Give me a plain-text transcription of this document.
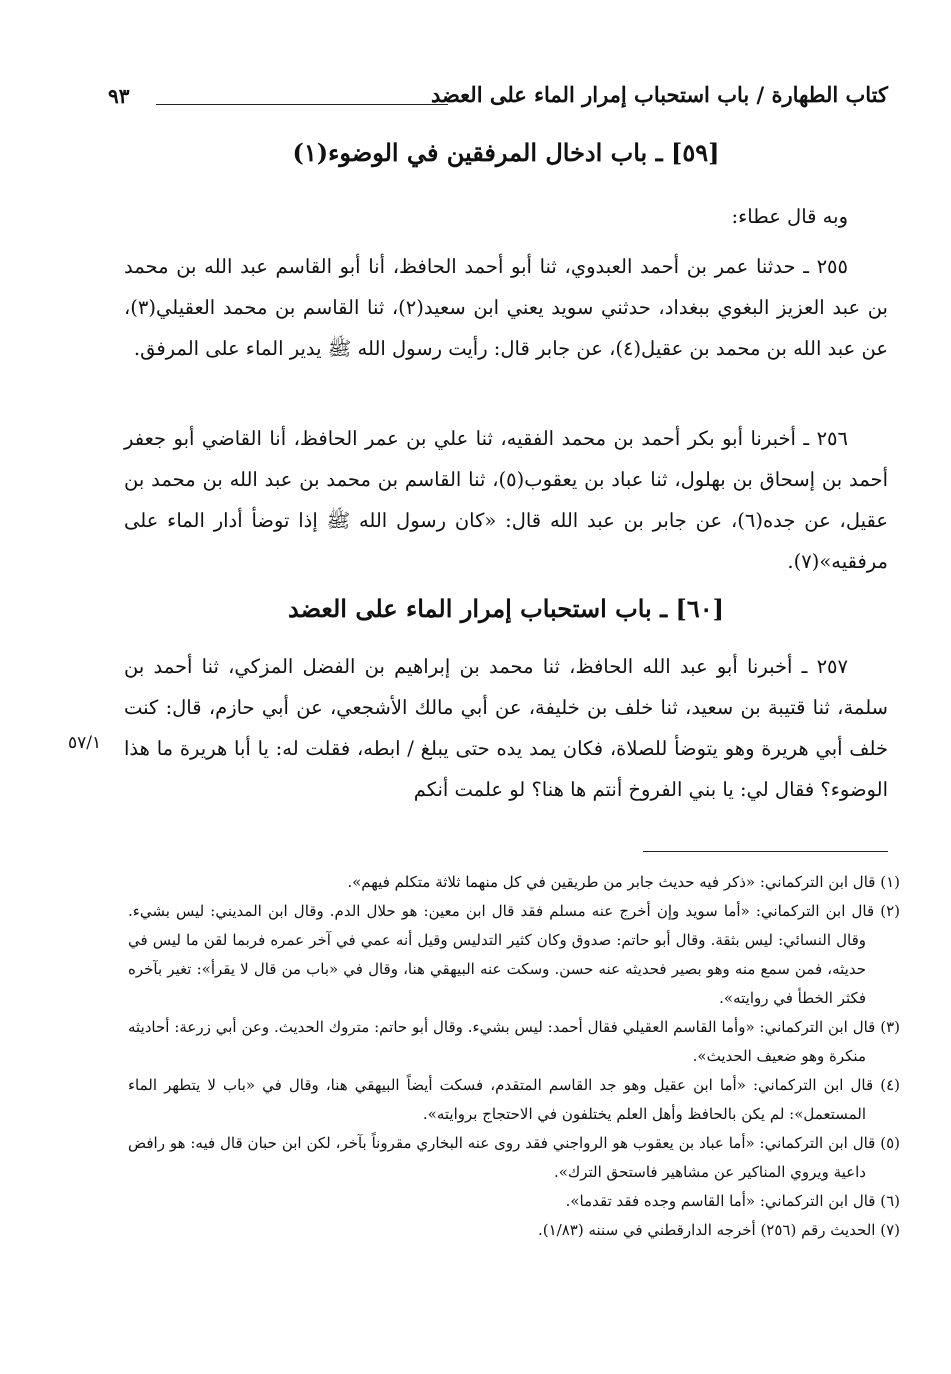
كتاب الطهارة / باب استحباب إمرار الماء على العضد
٩٣
[٥٩] ـ باب ادخال المرفقين في الوضوء(١)

وبه قال عطاء:

٢٥٥ ـ حدثنا عمر بن أحمد العبدوي، ثنا أبو أحمد الحافظ، أنا أبو القاسم عبد الله بن محمد بن عبد العزيز البغوي ببغداد، حدثني سويد يعني ابن سعيد(٢)، ثنا القاسم بن محمد العقيلي(٣)، عن عبد الله بن محمد بن عقيل(٤)، عن جابر قال: رأيت رسول الله ﷺ يدير الماء على المرفق.

٢٥٦ ـ أخبرنا أبو بكر أحمد بن محمد الفقيه، ثنا علي بن عمر الحافظ، أنا القاضي أبو جعفر أحمد بن إسحاق بن بهلول، ثنا عباد بن يعقوب(٥)، ثنا القاسم بن محمد بن عبد الله بن محمد بن عقيل، عن جده(٦)، عن جابر بن عبد الله قال: «كان رسول الله ﷺ إذا توضأ أدار الماء على مرفقيه»(٧).

[٦٠] ـ باب استحباب إمرار الماء على العضد

٢٥٧ ـ أخبرنا أبو عبد الله الحافظ، ثنا محمد بن إبراهيم بن الفضل المزكي، ثنا أحمد بن سلمة، ثنا قتيبة بن سعيد، ثنا خلف بن خليفة، عن أبي مالك الأشجعي، عن أبي حازم، قال: كنت خلف أبي هريرة وهو يتوضأ للصلاة، فكان يمد يده حتى يبلغ / ابطه، فقلت له: يا أبا هريرة ما هذا الوضوء؟ فقال لي: يا بني الفروخ أنتم ها هنا؟ لو علمت أنكم

٥٧/١

(١) قال ابن التركماني: «ذكر فيه حديث جابر من طريقين في كل منهما ثلاثة متكلم فيهم».

(٢) قال ابن التركماني: «أما سويد وإن أخرج عنه مسلم فقد قال ابن معين: هو حلال الدم. وقال ابن المديني: ليس بشيء. وقال النسائي: ليس بثقة. وقال أبو حاتم: صدوق وكان كثير التدليس وقيل أنه عمي في آخر عمره فربما لقن ما ليس في حديثه، فمن سمع منه وهو بصير فحديثه عنه حسن. وسكت عنه البيهقي هنا، وقال في «باب من قال لا يقرأ»: تغير بآخره فكثر الخطأ في روايته».

(٣) قال ابن التركماني: «وأما القاسم العقيلي فقال أحمد: ليس بشيء. وقال أبو حاتم: متروك الحديث. وعن أبي زرعة: أحاديثه منكرة وهو ضعيف الحديث».

(٤) قال ابن التركماني: «أما ابن عقيل وهو جد القاسم المتقدم، فسكت أيضاً البيهقي هنا، وقال في «باب لا يتطهر الماء المستعمل»: لم يكن بالحافظ وأهل العلم يختلفون في الاحتجاج بروايته».

(٥) قال ابن التركماني: «أما عباد بن يعقوب هو الرواجني فقد روى عنه البخاري مقروناً بآخر، لكن ابن حبان قال فيه: هو رافض داعية ويروي المناكير عن مشاهير فاستحق الترك».

(٦) قال ابن التركماني: «أما القاسم وجده فقد تقدما».

(٧) الحديث رقم (٢٥٦) أخرجه الدارقطني في سننه (١/٨٣).
